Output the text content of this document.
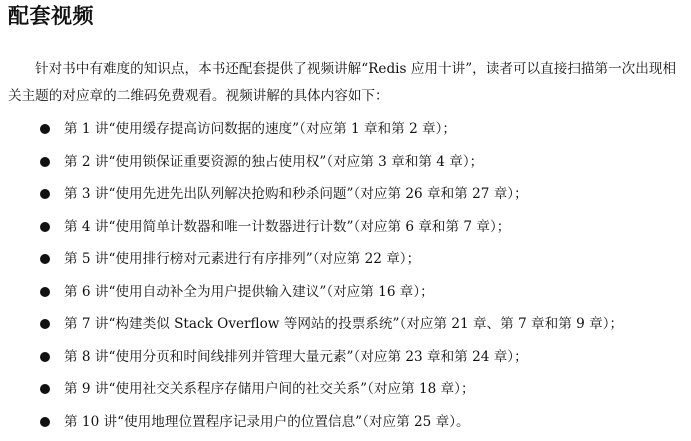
配套视频

针对书中有难度的知识点，本书还配套提供了视频讲解“Redis 应用十讲”，读者可以直接扫描第一次出现相关主题的对应章的二维码免费观看。视频讲解的具体内容如下：

第 1 讲“使用缓存提高访问数据的速度”（对应第 1 章和第 2 章）；
第 2 讲“使用锁保证重要资源的独占使用权”（对应第 3 章和第 4 章）；
第 3 讲“使用先进先出队列解决抢购和秒杀问题”（对应第 26 章和第 27 章）；
第 4 讲“使用简单计数器和唯一计数器进行计数”（对应第 6 章和第 7 章）；
第 5 讲“使用排行榜对元素进行有序排列”（对应第 22 章）；
第 6 讲“使用自动补全为用户提供输入建议”（对应第 16 章）；
第 7 讲“构建类似 Stack Overflow 等网站的投票系统”（对应第 21 章、第 7 章和第 9 章）；
第 8 讲“使用分页和时间线排列并管理大量元素”（对应第 23 章和第 24 章）；
第 9 讲“使用社交关系程序存储用户间的社交关系”（对应第 18 章）；
第 10 讲“使用地理位置程序记录用户的位置信息”（对应第 25 章）。
